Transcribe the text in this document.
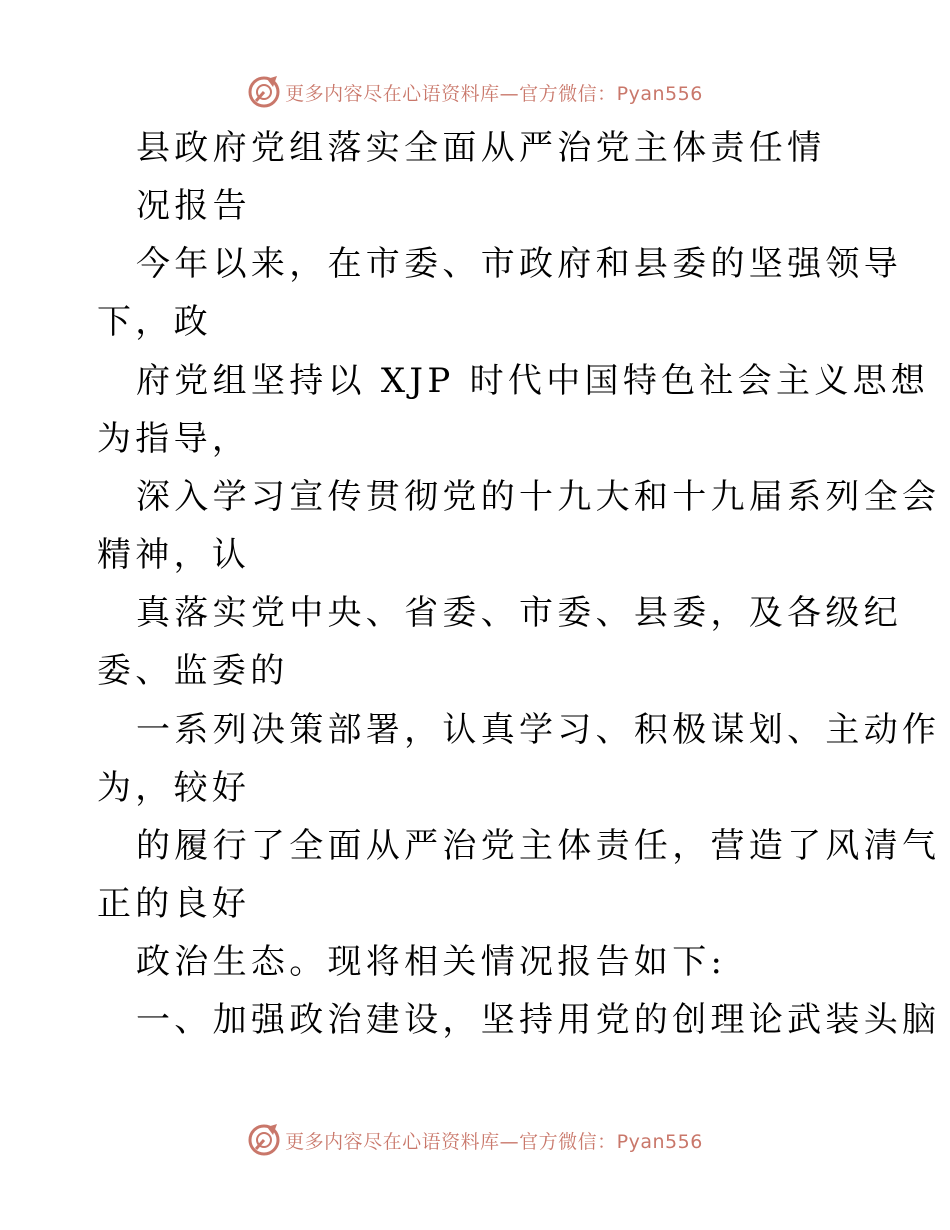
更多内容尽在心语资料库—官方微信：Pyan556
县政府党组落实全面从严治党主体责任情
况报告
今年以来，在市委、市政府和县委的坚强领导
下，政
府党组坚持以 XJP 时代中国特色社会主义思想
为指导，
深入学习宣传贯彻党的十九大和十九届系列全会
精神，认
真落实党中央、省委、市委、县委，及各级纪
委、监委的
一系列决策部署，认真学习、积极谋划、主动作
为，较好
的履行了全面从严治党主体责任，营造了风清气
正的良好
政治生态。现将相关情况报告如下:
一、加强政治建设，坚持用党的创理论武装头脑
更多内容尽在心语资料库—官方微信：Pyan556
